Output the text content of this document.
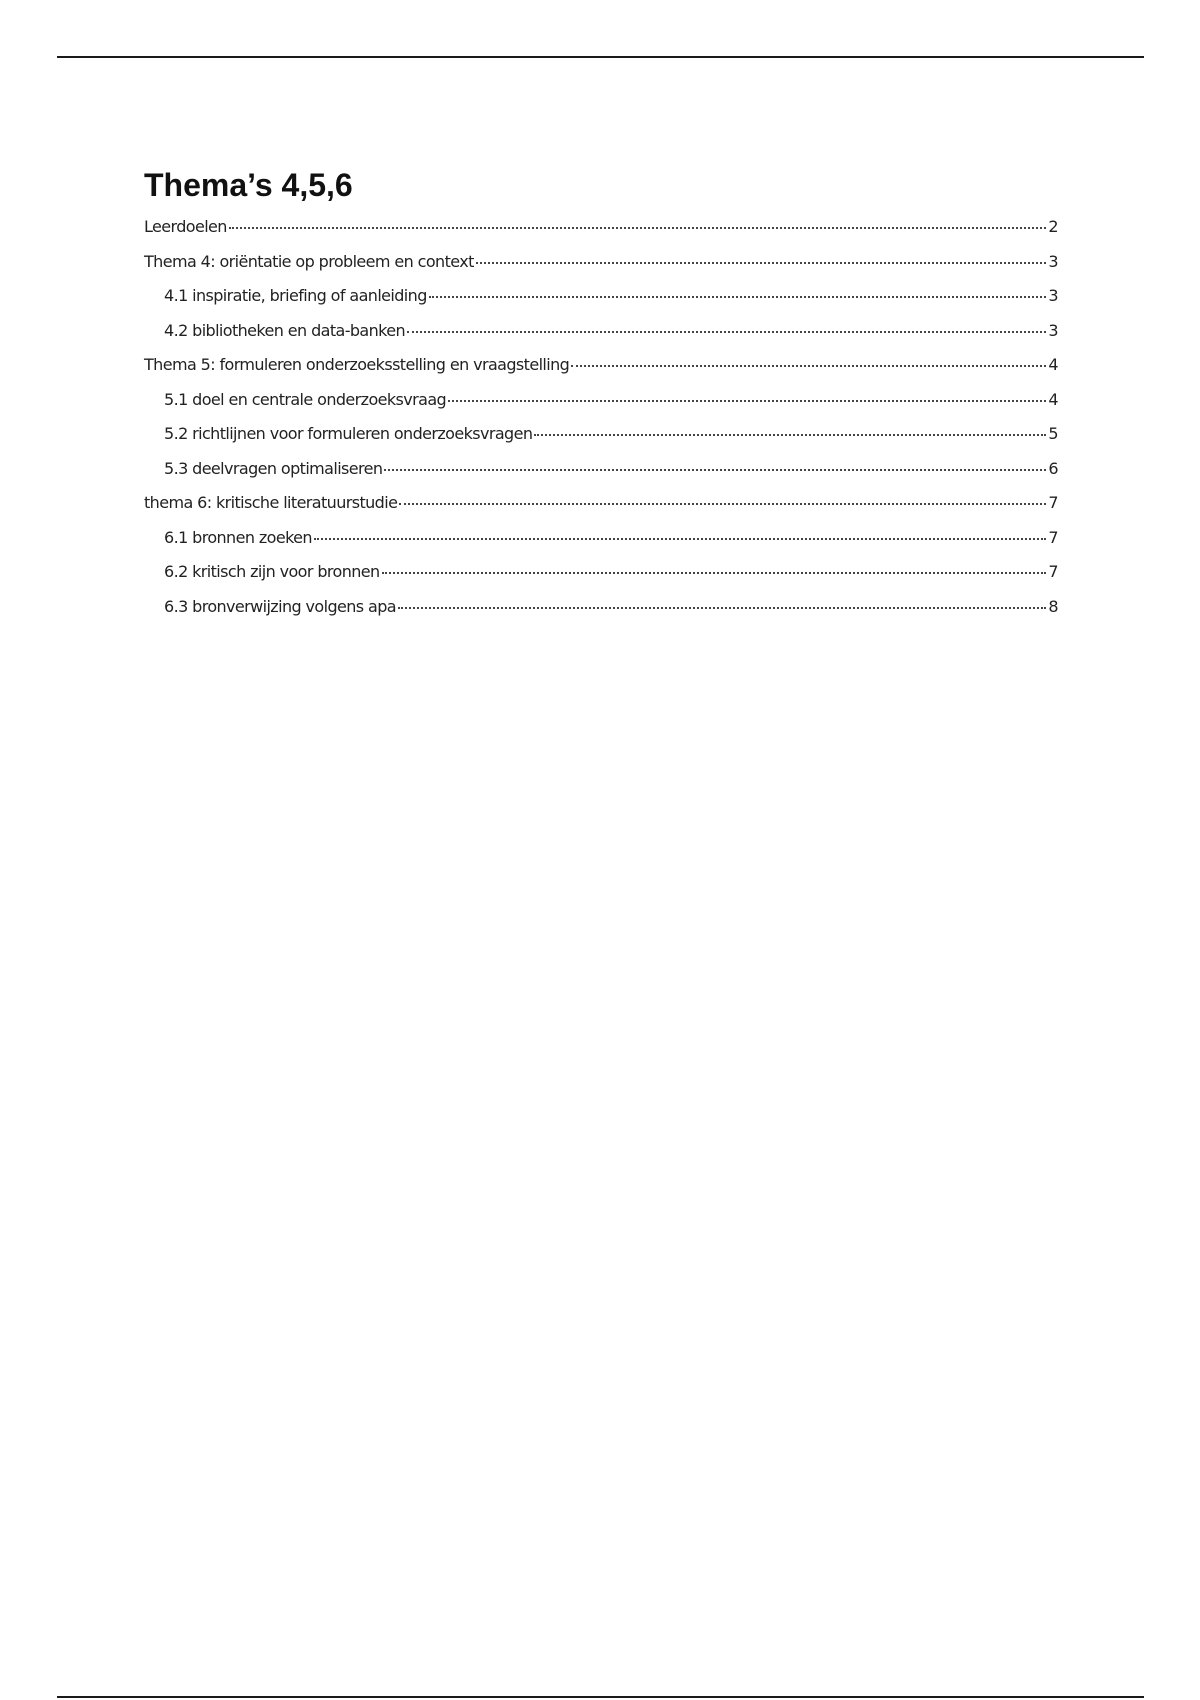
Thema’s 4,5,6
Leerdoelen	2
Thema 4: oriëntatie op probleem en context	3
4.1 inspiratie, briefing of aanleiding	3
4.2 bibliotheken en data-banken	3
Thema 5: formuleren onderzoeksstelling en vraagstelling	4
5.1 doel en centrale onderzoeksvraag	4
5.2 richtlijnen voor formuleren onderzoeksvragen	5
5.3 deelvragen optimaliseren	6
thema 6: kritische literatuurstudie	7
6.1 bronnen zoeken	7
6.2 kritisch zijn voor bronnen	7
6.3 bronverwijzing volgens apa	8
